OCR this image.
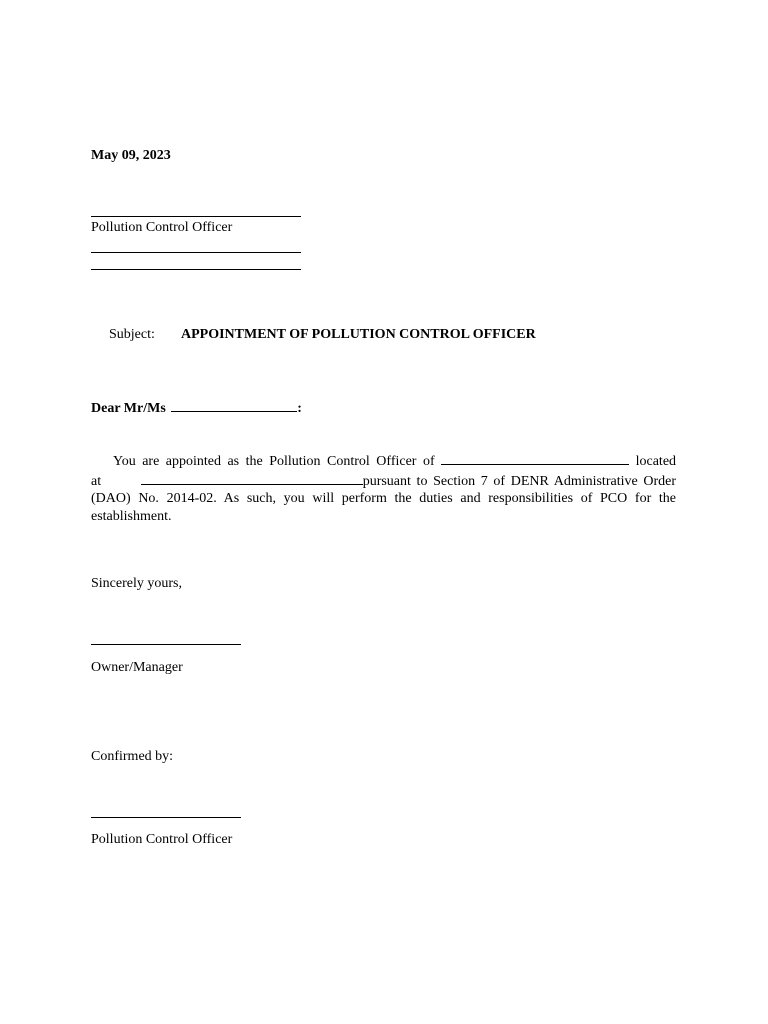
May 09, 2023
Pollution Control Officer
Subject: APPOINTMENT OF POLLUTION CONTROL OFFICER
Dear Mr/Ms	:
You are appointed as the Pollution Control Officer of	located at	pursuant to Section 7 of DENR Administrative Order (DAO) No. 2014-02. As such, you will perform the duties and responsibilities of PCO for the establishment.
Sincerely yours,
Owner/Manager
Confirmed by:
Pollution Control Officer
